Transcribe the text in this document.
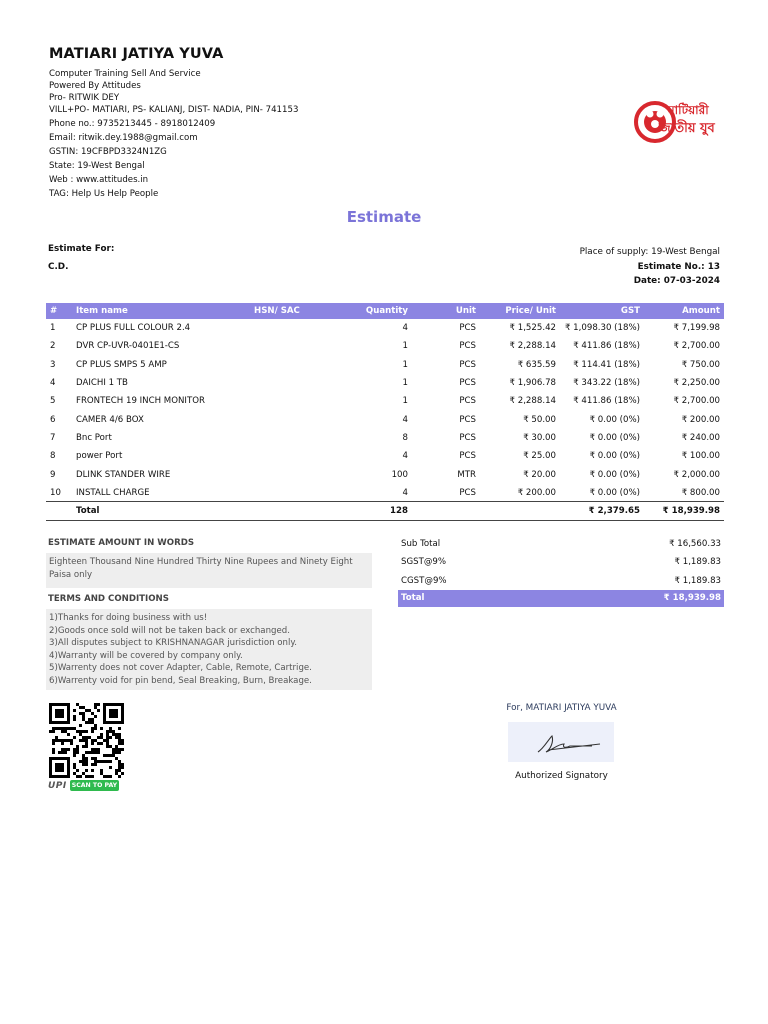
MATIARI JATIYA YUVA
Computer Training Sell And Service
Powered By Attitudes
Pro- RITWIK DEY
VILL+PO- MATIARI, PS- KALIANJ, DIST- NADIA, PIN- 741153
Phone no.: 9735213445 - 8918012409
Email: ritwik.dey.1988@gmail.com
GSTIN: 19CFBPD3324N1ZG
State: 19-West Bengal
Web : www.attitudes.in
TAG: Help Us Help People
মাটিয়ারী
জাতীয় যুব
Estimate
Estimate For:
C.D.
Place of supply: 19-West Bengal
Estimate No.: 13
Date: 07-03-2024
#	Item name	HSN/ SAC	Quantity	Unit	Price/ Unit	GST	Amount
1	CP PLUS FULL COLOUR 2.4		4	PCS	₹ 1,525.42	₹ 1,098.30 (18%)	₹ 7,199.98
2	DVR CP-UVR-0401E1-CS		1	PCS	₹ 2,288.14	₹ 411.86 (18%)	₹ 2,700.00
3	CP PLUS SMPS 5 AMP		1	PCS	₹ 635.59	₹ 114.41 (18%)	₹ 750.00
4	DAICHI 1 TB		1	PCS	₹ 1,906.78	₹ 343.22 (18%)	₹ 2,250.00
5	FRONTECH 19 INCH MONITOR		1	PCS	₹ 2,288.14	₹ 411.86 (18%)	₹ 2,700.00
6	CAMER 4/6 BOX		4	PCS	₹ 50.00	₹ 0.00 (0%)	₹ 200.00
7	Bnc Port		8	PCS	₹ 30.00	₹ 0.00 (0%)	₹ 240.00
8	power Port		4	PCS	₹ 25.00	₹ 0.00 (0%)	₹ 100.00
9	DLINK STANDER WIRE		100	MTR	₹ 20.00	₹ 0.00 (0%)	₹ 2,000.00
10	INSTALL CHARGE		4	PCS	₹ 200.00	₹ 0.00 (0%)	₹ 800.00
	Total		128			₹ 2,379.65	₹ 18,939.98
ESTIMATE AMOUNT IN WORDS
Eighteen Thousand Nine Hundred Thirty Nine Rupees and Ninety Eight Paisa only
TERMS AND CONDITIONS
1)Thanks for doing business with us!
2)Goods once sold will not be taken back or exchanged.
3)All disputes subject to KRISHNANAGAR jurisdiction only.
4)Warranty will be covered by company only.
5)Warrenty does not cover Adapter, Cable, Remote, Cartrige.
6)Warrenty void for pin bend, Seal Breaking, Burn, Breakage.
Sub Total	₹ 16,560.33
SGST@9%	₹ 1,189.83
CGST@9%	₹ 1,189.83
Total	₹ 18,939.98
UPI SCAN TO PAY
For, MATIARI JATIYA YUVA
Authorized Signatory
